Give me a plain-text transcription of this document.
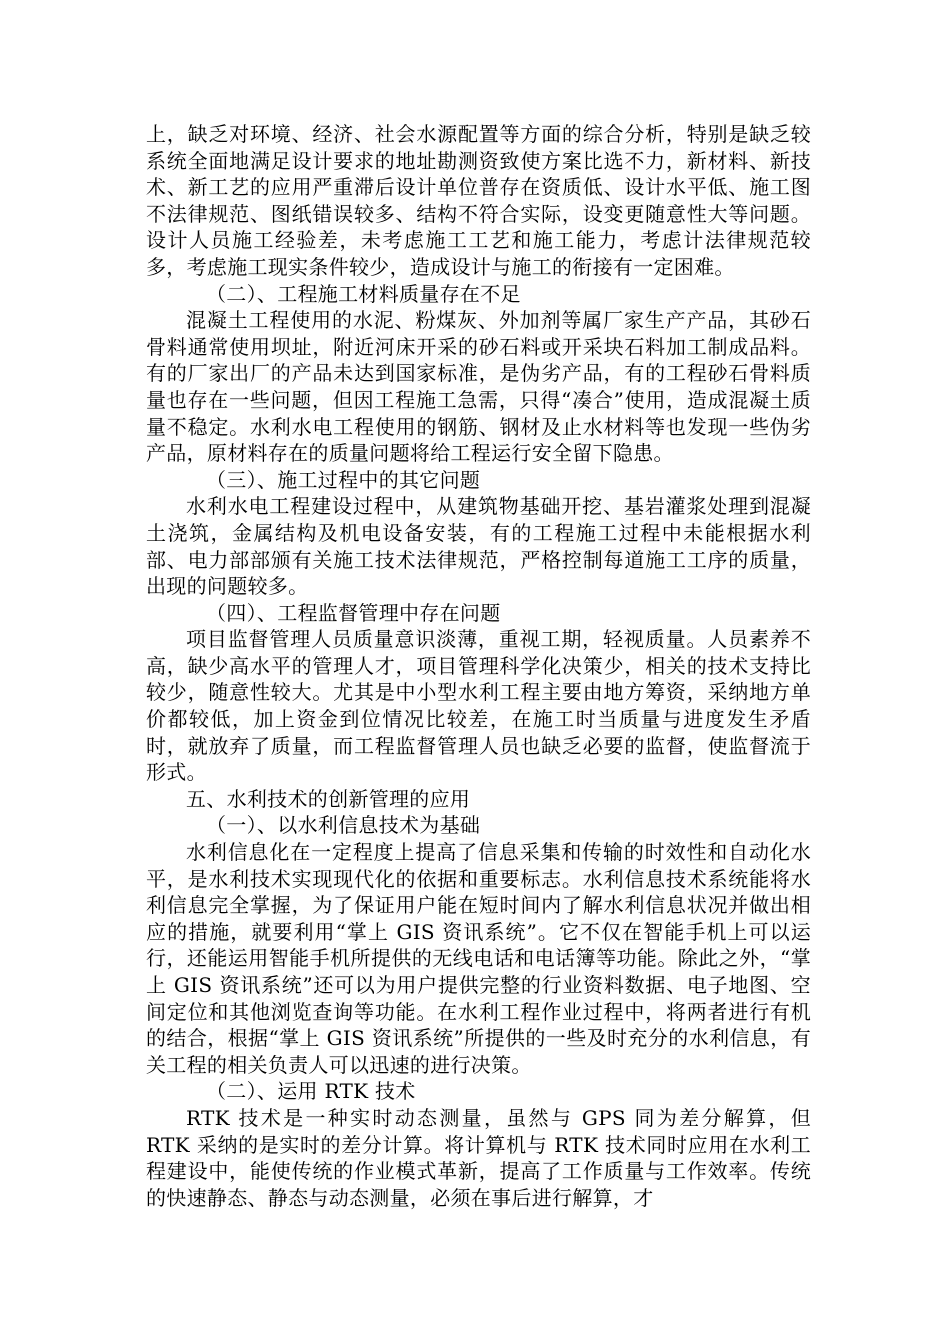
上，缺乏对环境、经济、社会水源配置等方面的综合分析，特别是缺乏较系统全面地满足设计要求的地址勘测资致使方案比选不力，新材料、新技术、新工艺的应用严重滞后设计单位普存在资质低、设计水平低、施工图不法律规范、图纸错误较多、结构不符合实际，设变更随意性大等问题。设计人员施工经验差，未考虑施工工艺和施工能力，考虑计法律规范较多，考虑施工现实条件较少，造成设计与施工的衔接有一定困难。

（二）、工程施工材料质量存在不足

混凝土工程使用的水泥、粉煤灰、外加剂等属厂家生产产品，其砂石骨料通常使用坝址，附近河床开采的砂石料或开采块石料加工制成品料。有的厂家出厂的产品未达到国家标准，是伪劣产品，有的工程砂石骨料质量也存在一些问题，但因工程施工急需，只得“凑合”使用，造成混凝土质量不稳定。水利水电工程使用的钢筋、钢材及止水材料等也发现一些伪劣产品，原材料存在的质量问题将给工程运行安全留下隐患。

（三）、施工过程中的其它问题

水利水电工程建设过程中，从建筑物基础开挖、基岩灌浆处理到混凝土浇筑，金属结构及机电设备安装，有的工程施工过程中未能根据水利部、电力部部颁有关施工技术法律规范，严格控制每道施工工序的质量，出现的问题较多。

（四）、工程监督管理中存在问题

项目监督管理人员质量意识淡薄，重视工期，轻视质量。人员素养不高，缺少高水平的管理人才，项目管理科学化决策少，相关的技术支持比较少，随意性较大。尤其是中小型水利工程主要由地方筹资，采纳地方单价都较低，加上资金到位情况比较差，在施工时当质量与进度发生矛盾时，就放弃了质量，而工程监督管理人员也缺乏必要的监督，使监督流于形式。

五、水利技术的创新管理的应用

（一）、以水利信息技术为基础

水利信息化在一定程度上提高了信息采集和传输的时效性和自动化水平，是水利技术实现现代化的依据和重要标志。水利信息技术系统能将水利信息完全掌握，为了保证用户能在短时间内了解水利信息状况并做出相应的措施，就要利用“掌上 GIS 资讯系统”。它不仅在智能手机上可以运行，还能运用智能手机所提供的无线电话和电话簿等功能。除此之外，“掌上 GIS 资讯系统”还可以为用户提供完整的行业资料数据、电子地图、空间定位和其他浏览查询等功能。在水利工程作业过程中，将两者进行有机的结合，根据“掌上 GIS 资讯系统”所提供的一些及时充分的水利信息，有关工程的相关负责人可以迅速的进行决策。

（二）、运用 RTK 技术

RTK 技术是一种实时动态测量，虽然与 GPS 同为差分解算，但 RTK 采纳的是实时的差分计算。将计算机与 RTK 技术同时应用在水利工程建设中，能使传统的作业模式革新，提高了工作质量与工作效率。传统的快速静态、静态与动态测量，必须在事后进行解算，才
